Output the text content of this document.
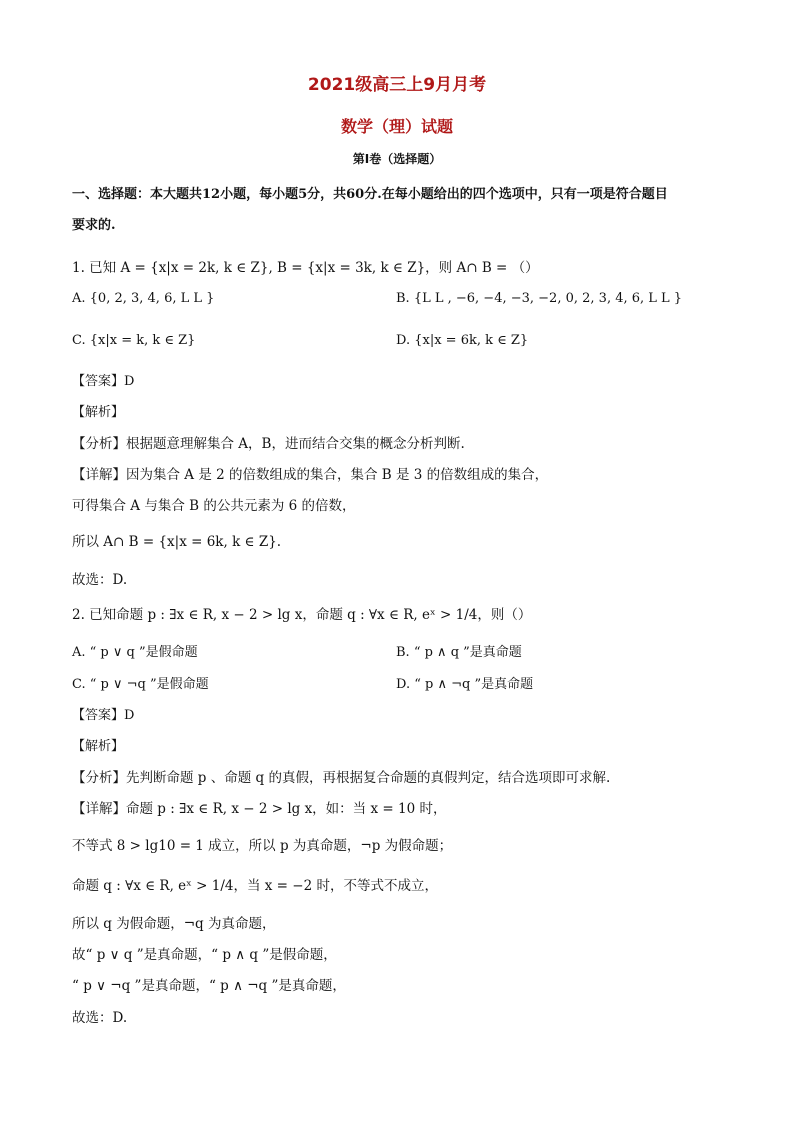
2021级高三上9月月考
数学（理）试题
第I卷（选择题）
一、选择题：本大题共12小题，每小题5分，共60分.在每小题给出的四个选项中，只有一项是符合题目
要求的.
1. 已知 A = {x|x = 2k, k ∈ Z}, B = {x|x = 3k, k ∈ Z}，则 A∩ B = （）
A. {0, 2, 3, 4, 6, L L }	B. {L L , −6, −4, −3, −2, 0, 2, 3, 4, 6, L L }
C. {x|x = k, k ∈ Z}	D. {x|x = 6k, k ∈ Z}
【答案】D
【解析】
【分析】根据题意理解集合 A，B，进而结合交集的概念分析判断.
【详解】因为集合 A 是 2 的倍数组成的集合，集合 B 是 3 的倍数组成的集合，
可得集合 A 与集合 B 的公共元素为 6 的倍数，
所以 A∩ B = {x|x = 6k, k ∈ Z}.
故选：D.
2. 已知命题 p : ∃x ∈ R, x − 2 > lg x，命题 q : ∀x ∈ R, eˣ > 1/4，则（）
A. “ p ∨ q ”是假命题	B. “ p ∧ q ”是真命题
C. “ p ∨ ¬q ”是假命题	D. “ p ∧ ¬q ”是真命题
【答案】D
【解析】
【分析】先判断命题 p 、命题 q 的真假，再根据复合命题的真假判定，结合选项即可求解.
【详解】命题 p : ∃x ∈ R, x − 2 > lg x，如：当 x = 10 时，
不等式 8 > lg10 = 1 成立，所以 p 为真命题，¬p 为假命题；
命题 q : ∀x ∈ R, eˣ > 1/4，当 x = −2 时，不等式不成立，
所以 q 为假命题，¬q 为真命题，
故“ p ∨ q ”是真命题，“ p ∧ q ”是假命题，
“ p ∨ ¬q ”是真命题，“ p ∧ ¬q ”是真命题，
故选：D.
